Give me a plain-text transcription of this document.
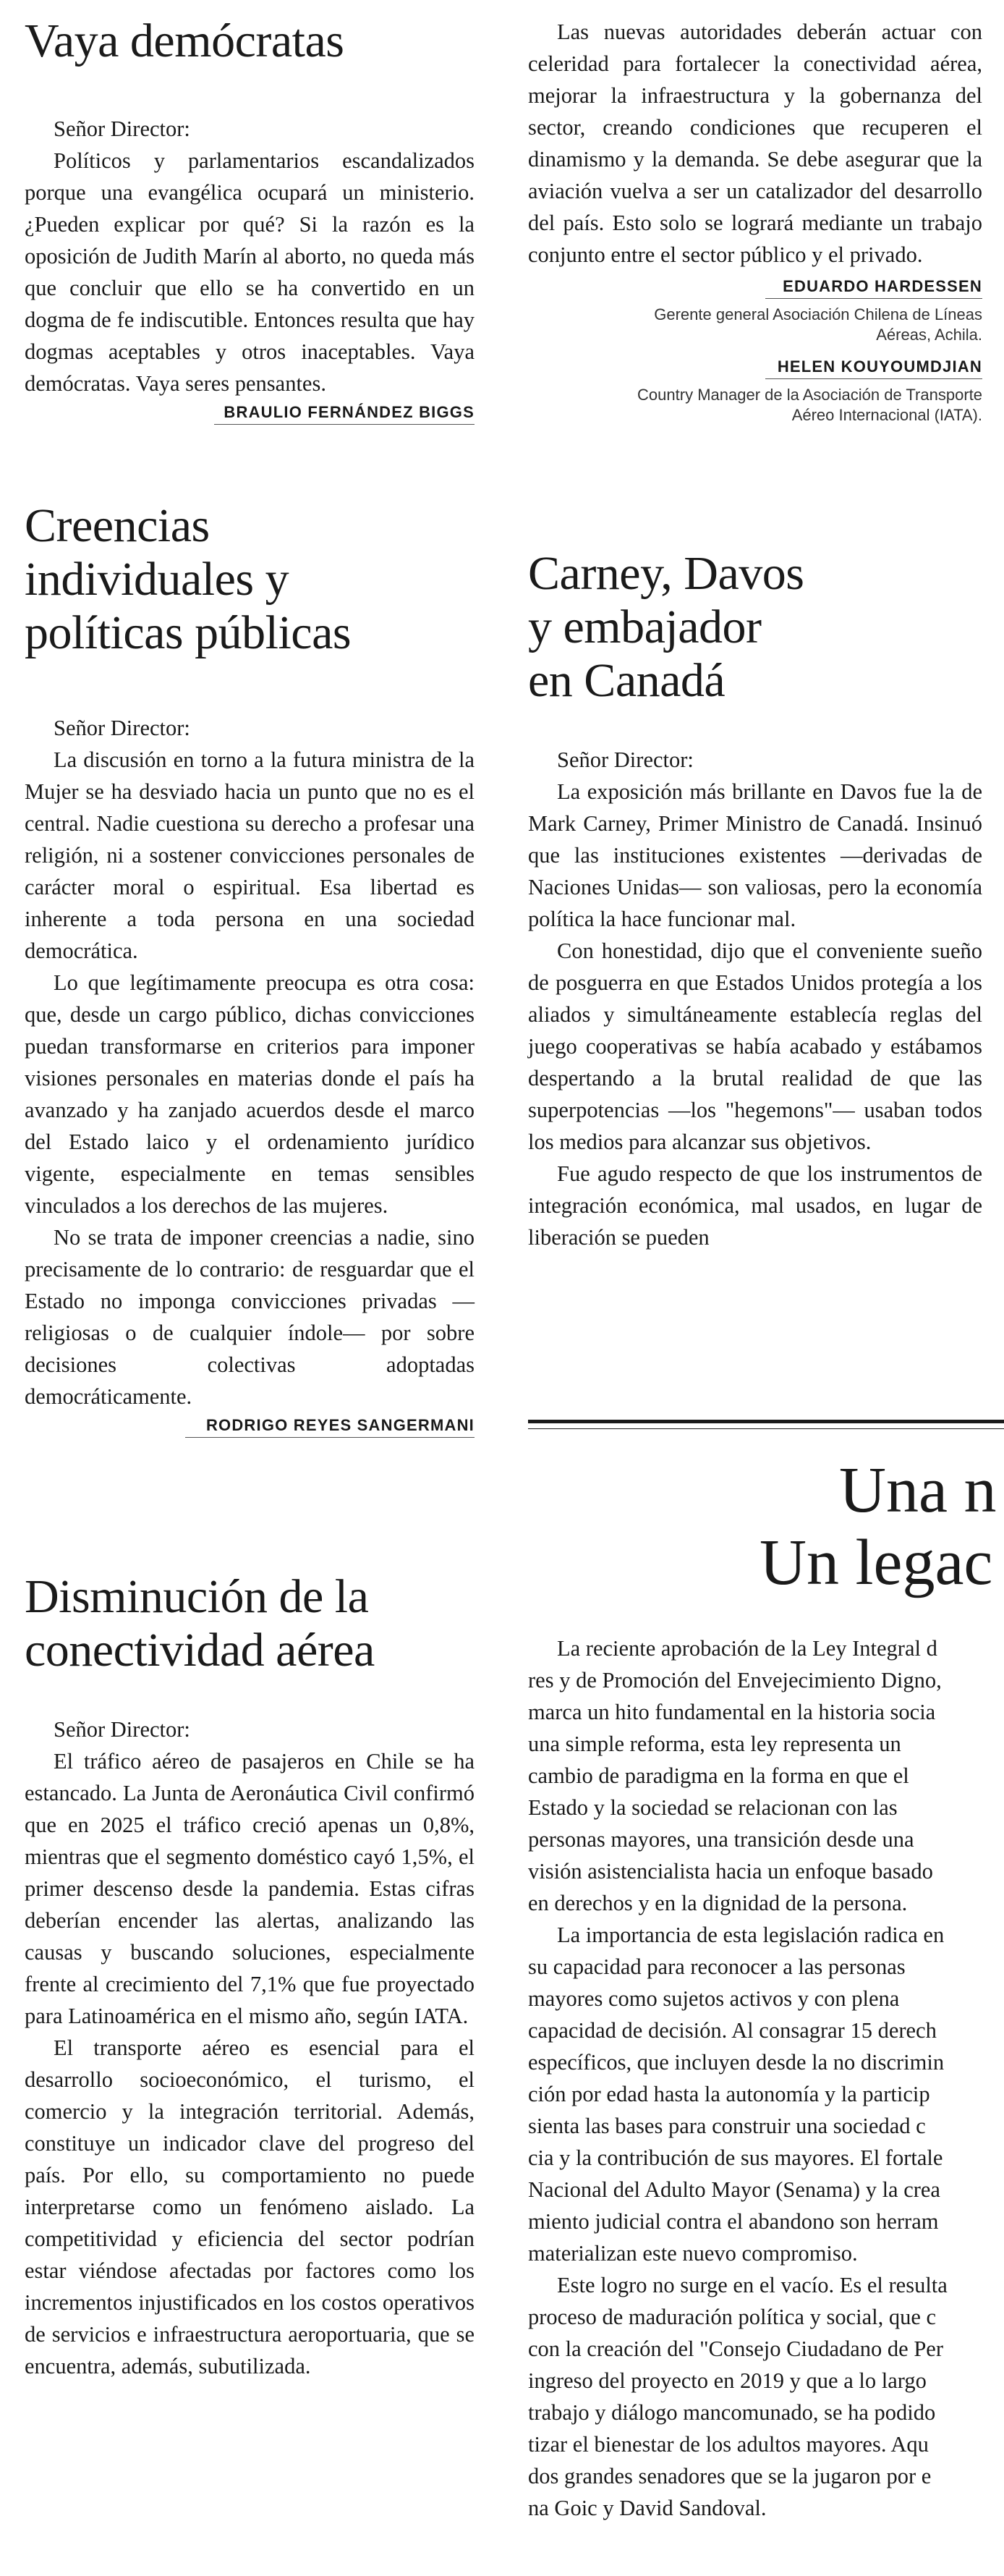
Vaya demócratas

Señor Director:

Políticos y parlamentarios escandalizados porque una evangélica ocupará un ministerio. ¿Pueden explicar por qué? Si la razón es la oposición de Judith Marín al aborto, no queda más que concluir que ello se ha convertido en un dogma de fe indiscutible. Entonces resulta que hay dogmas aceptables y otros inaceptables. Vaya demócratas. Vaya seres pensantes.

BRAULIO FERNÁNDEZ BIGGS

Creencias
individuales y
políticas públicas

Señor Director:

La discusión en torno a la futura ministra de la Mujer se ha desviado hacia un punto que no es el central. Nadie cuestiona su derecho a profesar una religión, ni a sostener convicciones personales de carácter moral o espiritual. Esa libertad es inherente a toda persona en una sociedad democrática.

Lo que legítimamente preocupa es otra cosa: que, desde un cargo público, dichas convicciones puedan transformarse en criterios para imponer visiones personales en materias donde el país ha avanzado y ha zanjado acuerdos desde el marco del Estado laico y el ordenamiento jurídico vigente, especialmente en temas sensibles vinculados a los derechos de las mujeres.

No se trata de imponer creencias a nadie, sino precisamente de lo contrario: de resguardar que el Estado no imponga convicciones privadas —religiosas o de cualquier índole— por sobre decisiones colectivas adoptadas democráticamente.

RODRIGO REYES SANGERMANI

Disminución de la
conectividad aérea

Señor Director:

El tráfico aéreo de pasajeros en Chile se ha estancado. La Junta de Aeronáutica Civil confirmó que en 2025 el tráfico creció apenas un 0,8%, mientras que el segmento doméstico cayó 1,5%, el primer descenso desde la pandemia. Estas cifras deberían encender las alertas, analizando las causas y buscando soluciones, especialmente frente al crecimiento del 7,1% que fue proyectado para Latinoamérica en el mismo año, según IATA.

El transporte aéreo es esencial para el desarrollo socioeconómico, el turismo, el comercio y la integración territorial. Además, constituye un indicador clave del progreso del país. Por ello, su comportamiento no puede interpretarse como un fenómeno aislado. La competitividad y eficiencia del sector podrían estar viéndose afectadas por factores como los incrementos injustificados en los costos operativos de servicios e infraestructura aeroportuaria, que se encuentra, además, subutilizada.

Las nuevas autoridades deberán actuar con celeridad para fortalecer la conectividad aérea, mejorar la infraestructura y la gobernanza del sector, creando condiciones que recuperen el dinamismo y la demanda. Se debe asegurar que la aviación vuelva a ser un catalizador del desarrollo del país. Esto solo se logrará mediante un trabajo conjunto entre el sector público y el privado.

EDUARDO HARDESSEN

Gerente general Asociación Chilena de Líneas
Aéreas, Achila.

HELEN KOUYOUMDJIAN

Country Manager de la Asociación de Transporte
Aéreo Internacional (IATA).

Carney, Davos
y embajador
en Canadá

Señor Director:

La exposición más brillante en Davos fue la de Mark Carney, Primer Ministro de Canadá. Insinuó que las instituciones existentes —derivadas de Naciones Unidas— son valiosas, pero la economía política la hace funcionar mal.

Con honestidad, dijo que el conveniente sueño de posguerra en que Estados Unidos protegía a los aliados y simultáneamente establecía reglas del juego cooperativas se había acabado y estábamos despertando a la brutal realidad de que las superpotencias —los "hegemons"— usaban todos los medios para alcanzar sus objetivos.

Fue agudo respecto de que los instrumentos de integración económica, mal usados, en lugar de liberación se pueden

Una n
Un legac
La reciente aprobación de la Ley Integral d
res y de Promoción del Envejecimiento Digno,
marca un hito fundamental en la historia socia
una simple reforma, esta ley representa un
cambio de paradigma en la forma en que el
Estado y la sociedad se relacionan con las
personas mayores, una transición desde una
visión asistencialista hacia un enfoque basado
en derechos y en la dignidad de la persona.
La importancia de esta legislación radica en
su capacidad para reconocer a las personas
mayores como sujetos activos y con plena
capacidad de decisión. Al consagrar 15 derech
específicos, que incluyen desde la no discrimin
ción por edad hasta la autonomía y la particip
sienta las bases para construir una sociedad c
cia y la contribución de sus mayores. El fortale
Nacional del Adulto Mayor (Senama) y la crea
miento judicial contra el abandono son herram
materializan este nuevo compromiso.
Este logro no surge en el vacío. Es el resulta
proceso de maduración política y social, que c
con la creación del "Consejo Ciudadano de Per
ingreso del proyecto en 2019 y que a lo largo
trabajo y diálogo mancomunado, se ha podido
tizar el bienestar de los adultos mayores. Aqu
dos grandes senadores que se la jugaron por e
na Goic y David Sandoval.
